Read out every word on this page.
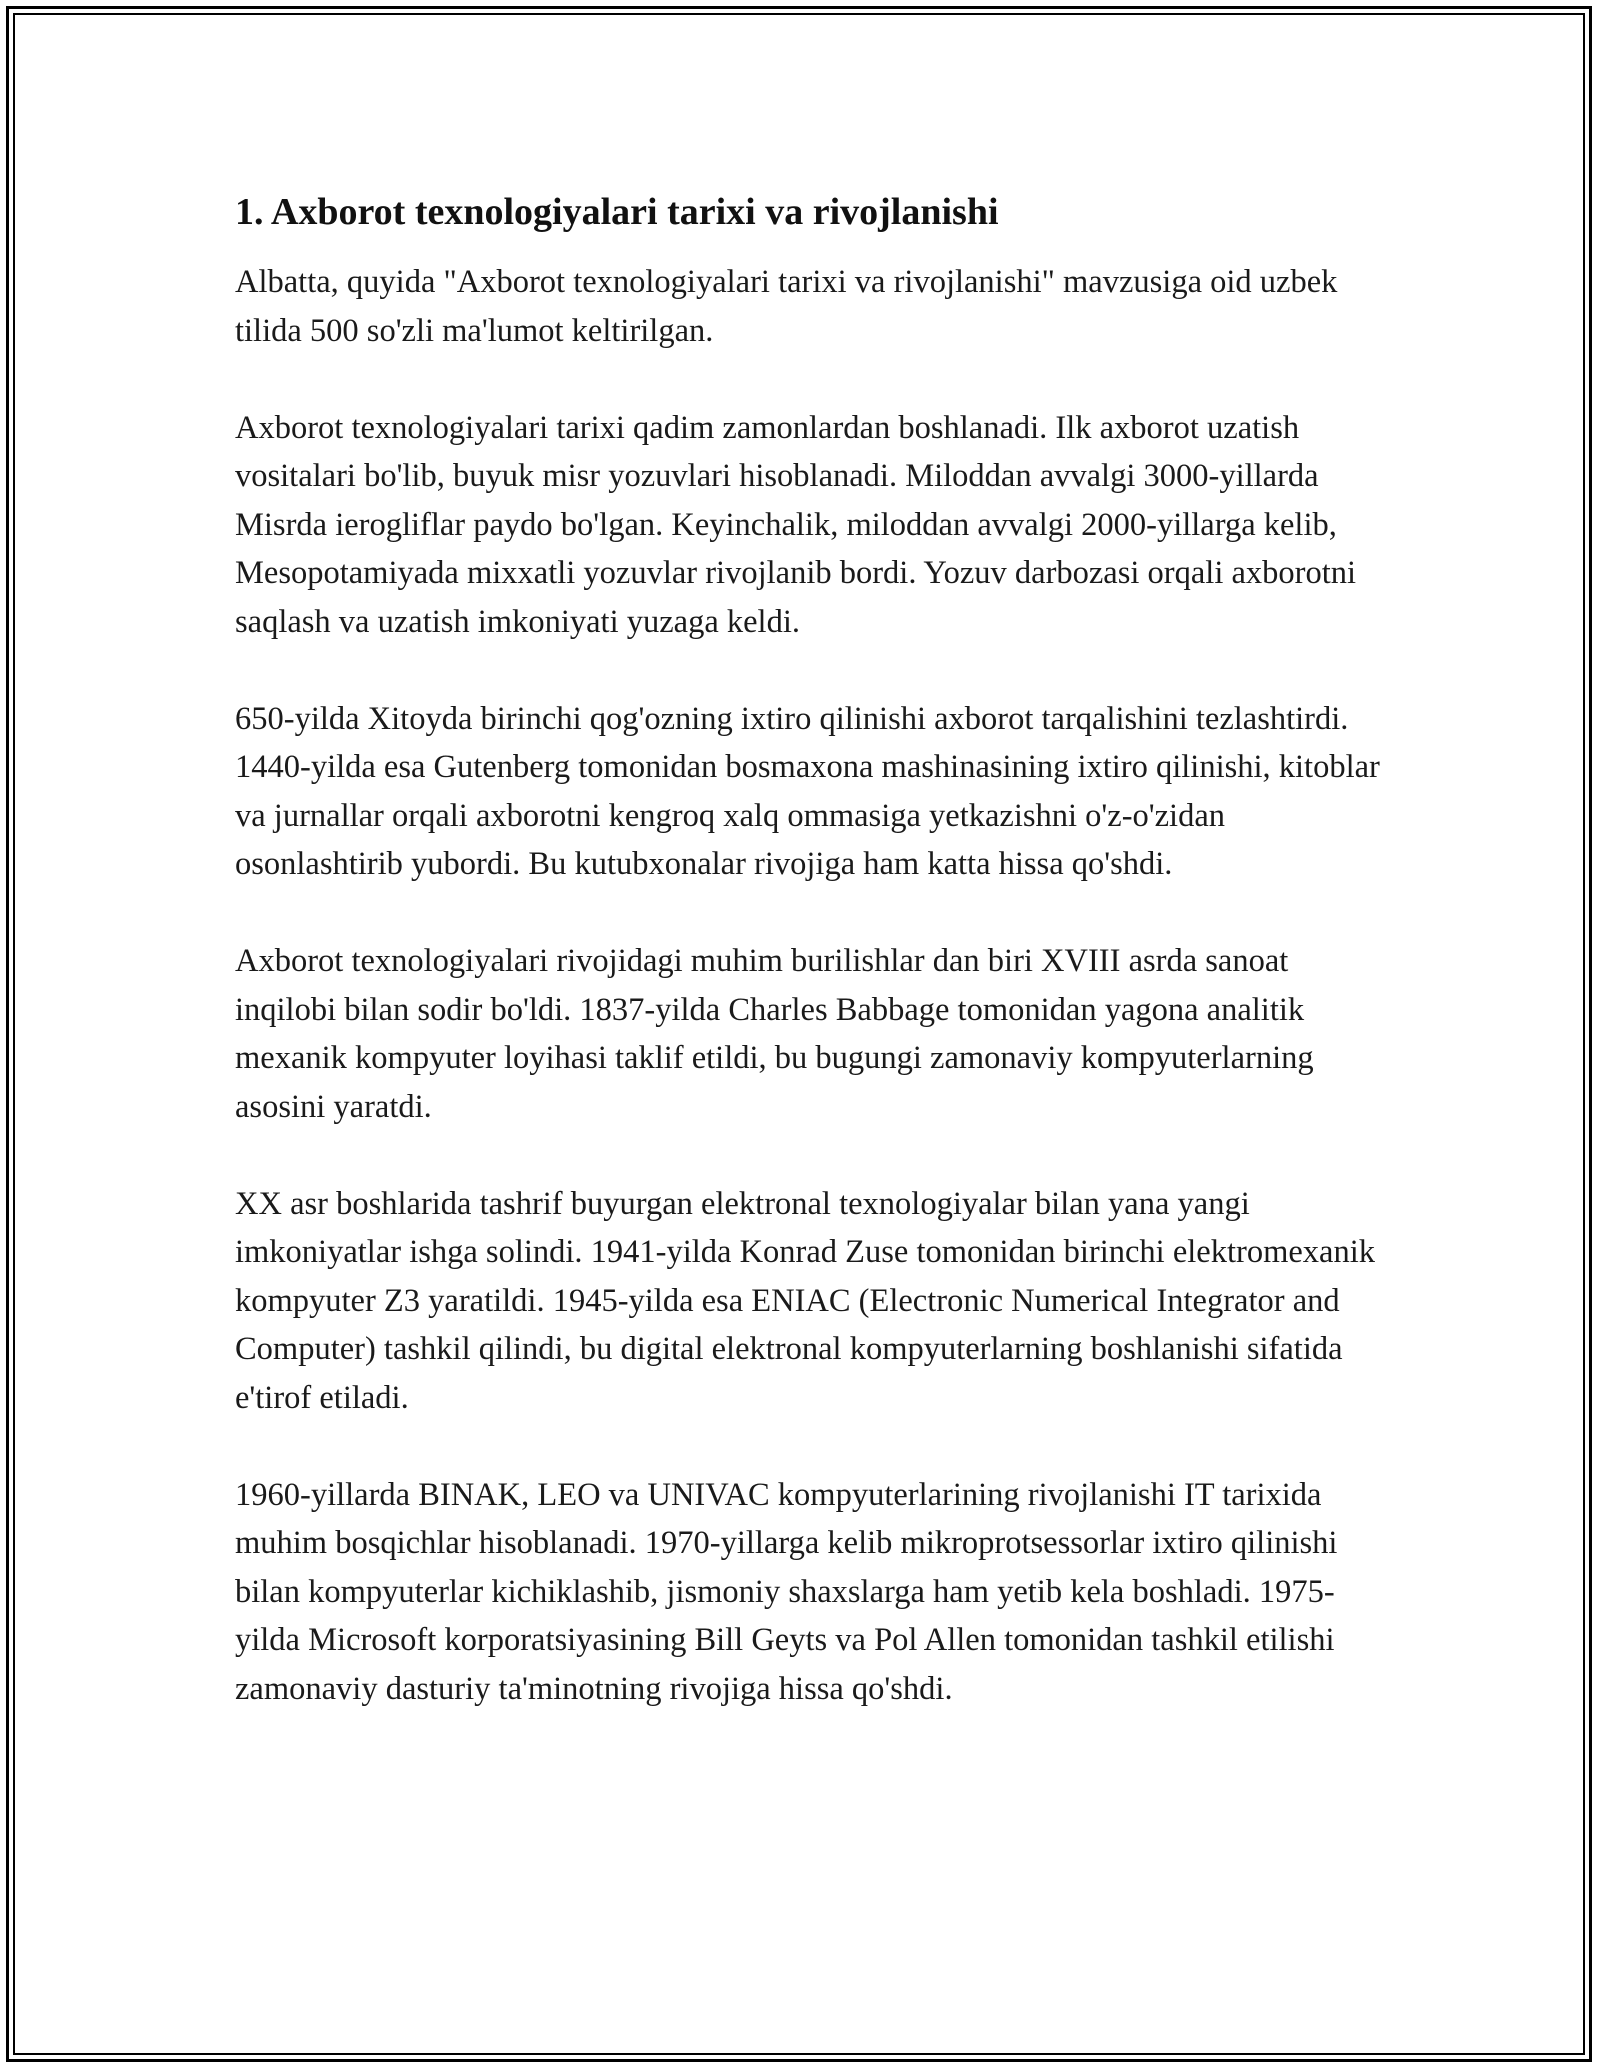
1. Axborot texnologiyalari tarixi va rivojlanishi

Albatta, quyida "Axborot texnologiyalari tarixi va rivojlanishi" mavzusiga oid uzbek tilida 500 so'zli ma'lumot keltirilgan.

Axborot texnologiyalari tarixi qadim zamonlardan boshlanadi. Ilk axborot uzatish vositalari bo'lib, buyuk misr yozuvlari hisoblanadi. Miloddan avvalgi 3000-yillarda Misrda ierogliflar paydo bo'lgan. Keyinchalik, miloddan avvalgi 2000-yillarga kelib, Mesopotamiyada mixxatli yozuvlar rivojlanib bordi. Yozuv darbozasi orqali axborotni saqlash va uzatish imkoniyati yuzaga keldi.

650-yilda Xitoyda birinchi qog'ozning ixtiro qilinishi axborot tarqalishini tezlashtirdi. 1440-yilda esa Gutenberg tomonidan bosmaxona mashinasining ixtiro qilinishi, kitoblar va jurnallar orqali axborotni kengroq xalq ommasiga yetkazishni o'z-o'zidan osonlashtirib yubordi. Bu kutubxonalar rivojiga ham katta hissa qo'shdi.

Axborot texnologiyalari rivojidagi muhim burilishlar dan biri XVIII asrda sanoat inqilobi bilan sodir bo'ldi. 1837-yilda Charles Babbage tomonidan yagona analitik mexanik kompyuter loyihasi taklif etildi, bu bugungi zamonaviy kompyuterlarning asosini yaratdi.

XX asr boshlarida tashrif buyurgan elektronal texnologiyalar bilan yana yangi imkoniyatlar ishga solindi. 1941-yilda Konrad Zuse tomonidan birinchi elektromexanik kompyuter Z3 yaratildi. 1945-yilda esa ENIAC (Electronic Numerical Integrator and Computer) tashkil qilindi, bu digital elektronal kompyuterlarning boshlanishi sifatida e'tirof etiladi.

1960-yillarda BINAK, LEO va UNIVAC kompyuterlarining rivojlanishi IT tarixida muhim bosqichlar hisoblanadi. 1970-yillarga kelib mikroprotsessorlar ixtiro qilinishi bilan kompyuterlar kichiklashib, jismoniy shaxslarga ham yetib kela boshladi. 1975-yilda Microsoft korporatsiyasining Bill Geyts va Pol Allen tomonidan tashkil etilishi zamonaviy dasturiy ta'minotning rivojiga hissa qo'shdi.
